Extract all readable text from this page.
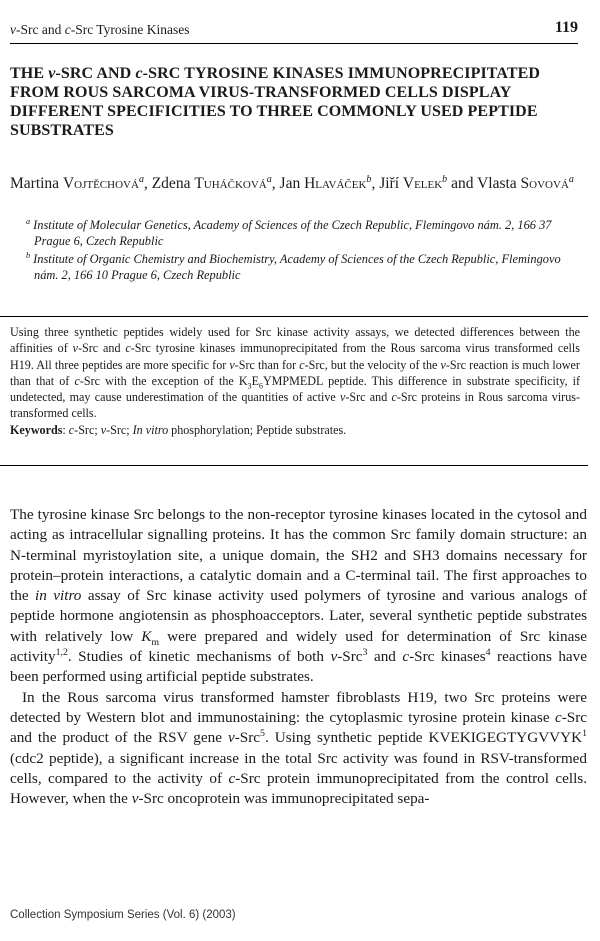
v-Src and c-Src Tyrosine Kinases	119
THE v-SRC AND c-SRC TYROSINE KINASES IMMUNOPRECIPITATED FROM ROUS SARCOMA VIRUS-TRANSFORMED CELLS DISPLAY DIFFERENT SPECIFICITIES TO THREE COMMONLY USED PEPTIDE SUBSTRATES
Martina Vojtěchová$^a$, Zdena Tuháčková$^a$, Jan Hlaváček$^b$, Jiří Velek$^b$ and Vlasta Sovová$^a$
$^a$ Institute of Molecular Genetics, Academy of Sciences of the Czech Republic, Flemingovo nám. 2, 166 37 Prague 6, Czech Republic
$^b$ Institute of Organic Chemistry and Biochemistry, Academy of Sciences of the Czech Republic, Flemingovo nám. 2, 166 10 Prague 6, Czech Republic

Using three synthetic peptides widely used for Src kinase activity assays, we detected differences between the affinities of v-Src and c-Src tyrosine kinases immunoprecipitated from the Rous sarcoma virus transformed cells H19. All three peptides are more specific for v-Src than for c-Src, but the velocity of the v-Src reaction is much lower than that of c-Src with the exception of the $K_3E_6YMPMEDL$ peptide. This difference in substrate specificity, if undetected, may cause underestimation of the quantities of active v-Src and c-Src proteins in Rous sarcoma virus-transformed cells.
Keywords: c-Src; v-Src; In vitro phosphorylation; Peptide substrates.

The tyrosine kinase Src belongs to the non-receptor tyrosine kinases located in the cytosol and acting as intracellular signalling proteins. It has the common Src family domain structure: an N-terminal myristoylation site, a unique domain, the SH2 and SH3 domains necessary for protein–protein interactions, a catalytic domain and a C-terminal tail. The first approaches to the in vitro assay of Src kinase activity used polymers of tyrosine and various analogs of peptide hormone angiotensin as phosphoacceptors. Later, several synthetic peptide substrates with relatively low $K_m$ were prepared and widely used for determination of Src kinase activity$^{1,2}$. Studies of kinetic mechanisms of both v-Src$^3$ and c-Src kinases$^4$ reactions have been performed using artificial peptide substrates.

In the Rous sarcoma virus transformed hamster fibroblasts H19, two Src proteins were detected by Western blot and immunostaining: the cytoplasmic tyrosine protein kinase c-Src and the product of the RSV gene v-Src$^5$. Using synthetic peptide KVEKIGEGTYGVVYK$^1$ (cdc2 peptide), a significant increase in the total Src activity was found in RSV-transformed cells, compared to the activity of c-Src protein immunoprecipitated from the control cells. However, when the v-Src oncoprotein was immunoprecipitated sepa-

Collection Symposium Series (Vol. 6) (2003)
